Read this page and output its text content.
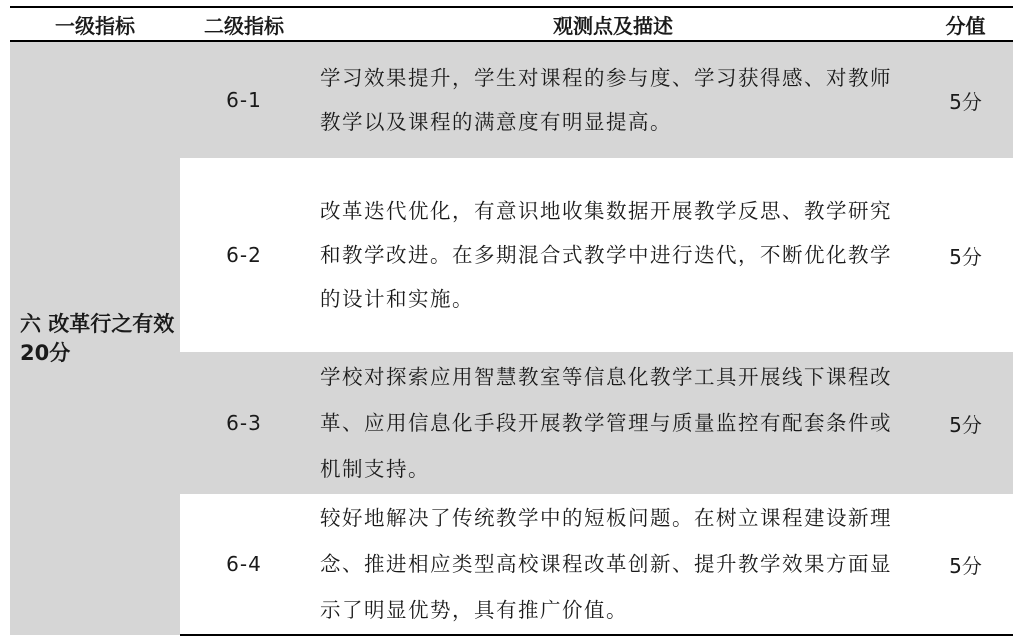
一级指标	二级指标	观测点及描述	分值
六 改革行之有效 20分	6-1	学习效果提升，学生对课程的参与度、学习获得感、对教师教学以及课程的满意度有明显提高。	5分
	6-2	改革迭代优化，有意识地收集数据开展教学反思、教学研究和教学改进。在多期混合式教学中进行迭代，不断优化教学的设计和实施。	5分
	6-3	学校对探索应用智慧教室等信息化教学工具开展线下课程改革、应用信息化手段开展教学管理与质量监控有配套条件或机制支持。	5分
	6-4	较好地解决了传统教学中的短板问题。在树立课程建设新理念、推进相应类型高校课程改革创新、提升教学效果方面显示了明显优势，具有推广价值。	5分
